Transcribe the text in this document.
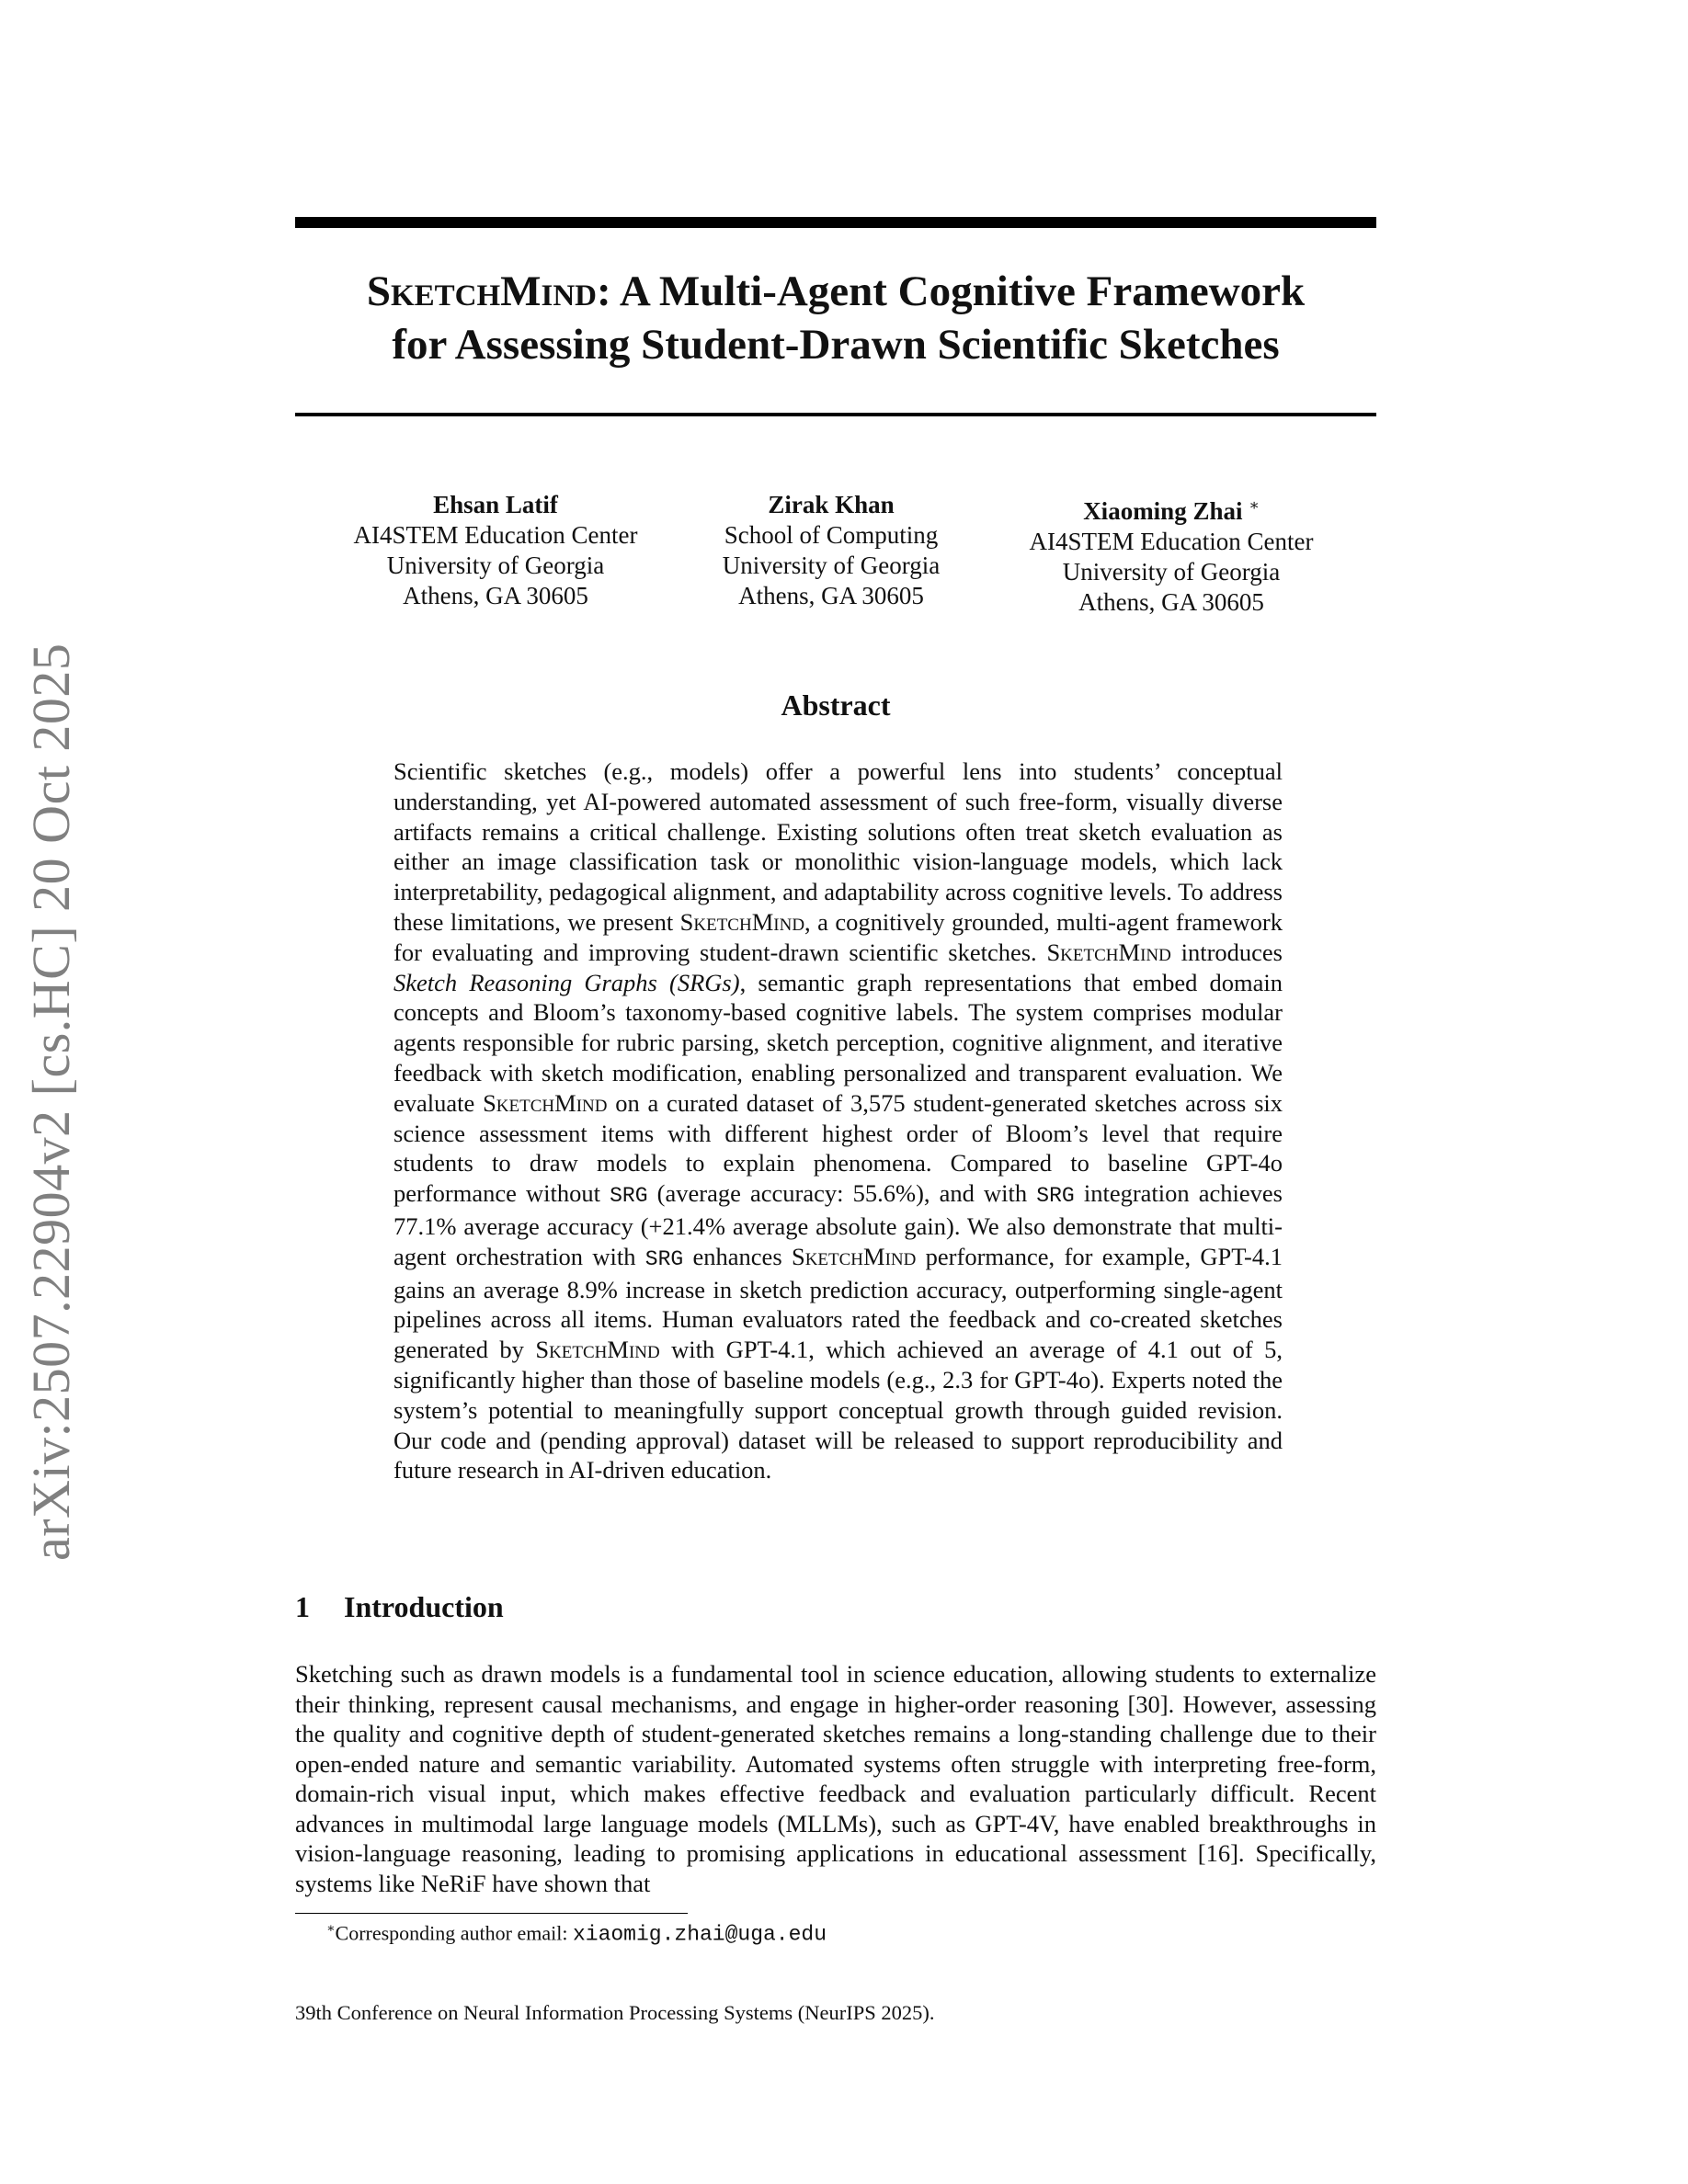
arXiv:2507.22904v2 [cs.HC] 20 Oct 2025
SketchMind: A Multi-Agent Cognitive Framework
for Assessing Student-Drawn Scientific Sketches
Ehsan Latif
AI4STEM Education Center
University of Georgia
Athens, GA 30605
Zirak Khan
School of Computing
University of Georgia
Athens, GA 30605
Xiaoming Zhai ∗
AI4STEM Education Center
University of Georgia
Athens, GA 30605
Abstract
Scientific sketches (e.g., models) offer a powerful lens into students’ conceptual understanding, yet AI-powered automated assessment of such free-form, visually diverse artifacts remains a critical challenge. Existing solutions often treat sketch evaluation as either an image classification task or monolithic vision-language models, which lack interpretability, pedagogical alignment, and adaptability across cognitive levels. To address these limitations, we present SketchMind, a cognitively grounded, multi-agent framework for evaluating and improving student-drawn scientific sketches. SketchMind introduces Sketch Reasoning Graphs (SRGs), semantic graph representations that embed domain concepts and Bloom’s taxonomy-based cognitive labels. The system comprises modular agents responsible for rubric parsing, sketch perception, cognitive alignment, and iterative feedback with sketch modification, enabling personalized and transparent evaluation. We evaluate SketchMind on a curated dataset of 3,575 student-generated sketches across six science assessment items with different highest order of Bloom’s level that require students to draw models to explain phenomena. Compared to baseline GPT-4o performance without SRG (average accuracy: 55.6%), and with SRG integration achieves 77.1% average accuracy (+21.4% average absolute gain). We also demonstrate that multi-agent orchestration with SRG enhances SketchMind performance, for example, GPT-4.1 gains an average 8.9% increase in sketch prediction accuracy, outperforming single-agent pipelines across all items. Human evaluators rated the feedback and co-created sketches generated by SketchMind with GPT-4.1, which achieved an average of 4.1 out of 5, significantly higher than those of baseline models (e.g., 2.3 for GPT-4o). Experts noted the system’s potential to meaningfully support conceptual growth through guided revision. Our code and (pending approval) dataset will be released to support reproducibility and future research in AI-driven education.
1 Introduction
Sketching such as drawn models is a fundamental tool in science education, allowing students to externalize their thinking, represent causal mechanisms, and engage in higher-order reasoning [30]. However, assessing the quality and cognitive depth of student-generated sketches remains a long-standing challenge due to their open-ended nature and semantic variability. Automated systems often struggle with interpreting free-form, domain-rich visual input, which makes effective feedback and evaluation particularly difficult. Recent advances in multimodal large language models (MLLMs), such as GPT-4V, have enabled breakthroughs in vision-language reasoning, leading to promising applications in educational assessment [16]. Specifically, systems like NeRiF have shown that
∗Corresponding author email: xiaomig.zhai@uga.edu
39th Conference on Neural Information Processing Systems (NeurIPS 2025).
